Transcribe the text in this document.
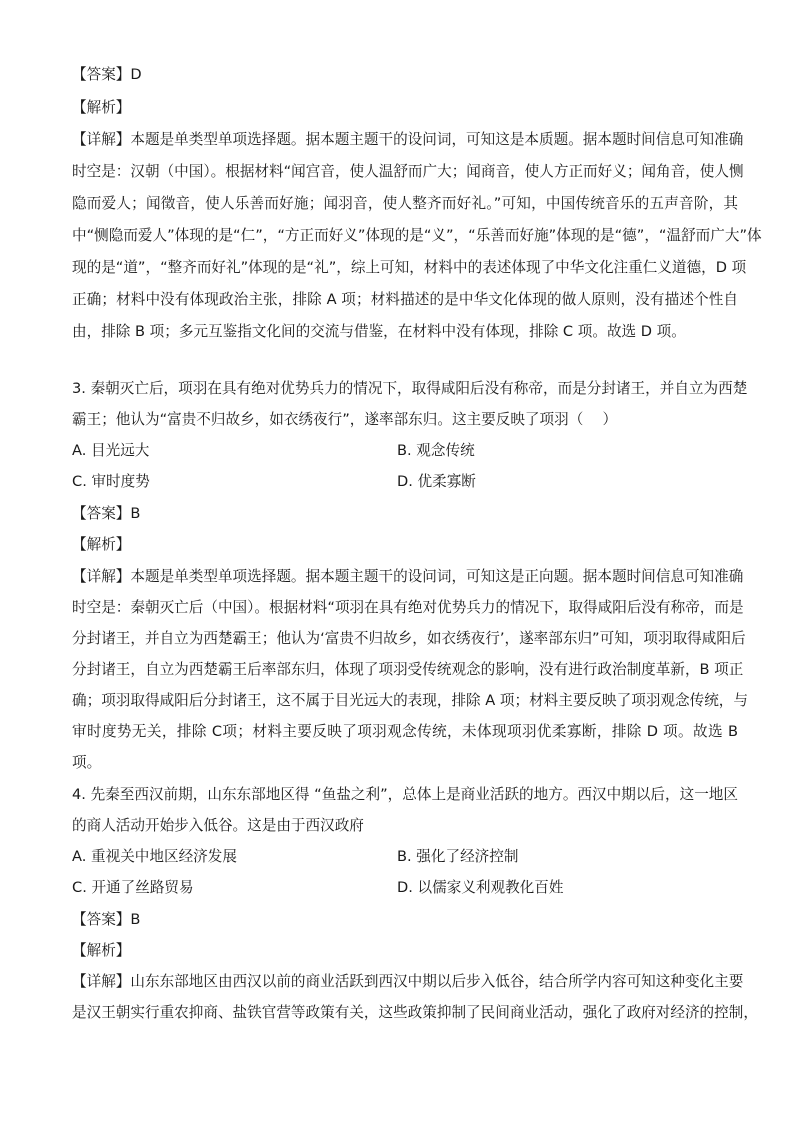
【答案】D
【解析】
【详解】本题是单类型单项选择题。据本题主题干的设问词，可知这是本质题。据本题时间信息可知准确
时空是：汉朝（中国）。根据材料“闻宫音，使人温舒而广大；闻商音，使人方正而好义；闻角音，使人恻
隐而爱人；闻徵音，使人乐善而好施；闻羽音，使人整齐而好礼。”可知，中国传统音乐的五声音阶，其
中“恻隐而爱人”体现的是“仁”，“方正而好义”体现的是“义”，“乐善而好施”体现的是“德”，“温舒而广大”体
现的是“道”，“整齐而好礼”体现的是“礼”，综上可知，材料中的表述体现了中华文化注重仁义道德，D 项
正确；材料中没有体现政治主张，排除 A 项；材料描述的是中华文化体现的做人原则，没有描述个性自
由，排除 B 项；多元互鉴指文化间的交流与借鉴，在材料中没有体现，排除 C 项。故选 D 项。
3. 秦朝灭亡后，项羽在具有绝对优势兵力的情况下，取得咸阳后没有称帝，而是分封诸王，并自立为西楚
霸王；他认为“富贵不归故乡，如衣绣夜行”，遂率部东归。这主要反映了项羽（　 ）
A. 目光远大	B. 观念传统
C. 审时度势	D. 优柔寡断
【答案】B
【解析】
【详解】本题是单类型单项选择题。据本题主题干的设问词，可知这是正向题。据本题时间信息可知准确
时空是：秦朝灭亡后（中国）。根据材料“项羽在具有绝对优势兵力的情况下，取得咸阳后没有称帝，而是
分封诸王，并自立为西楚霸王；他认为‘富贵不归故乡，如衣绣夜行’，遂率部东归”可知，项羽取得咸阳后
分封诸王，自立为西楚霸王后率部东归，体现了项羽受传统观念的影响，没有进行政治制度革新，B 项正
确；项羽取得咸阳后分封诸王，这不属于目光远大的表现，排除 A 项；材料主要反映了项羽观念传统，与
审时度势无关，排除 C项；材料主要反映了项羽观念传统，未体现项羽优柔寡断，排除 D 项。故选 B
项。
4. 先秦至西汉前期，山东东部地区得 “鱼盐之利”，总体上是商业活跃的地方。西汉中期以后，这一地区
的商人活动开始步入低谷。这是由于西汉政府
A. 重视关中地区经济发展	B. 强化了经济控制
C. 开通了丝路贸易	D. 以儒家义利观教化百姓
【答案】B
【解析】
【详解】山东东部地区由西汉以前的商业活跃到西汉中期以后步入低谷，结合所学内容可知这种变化主要
是汉王朝实行重农抑商、盐铁官营等政策有关，这些政策抑制了民间商业活动，强化了政府对经济的控制，
